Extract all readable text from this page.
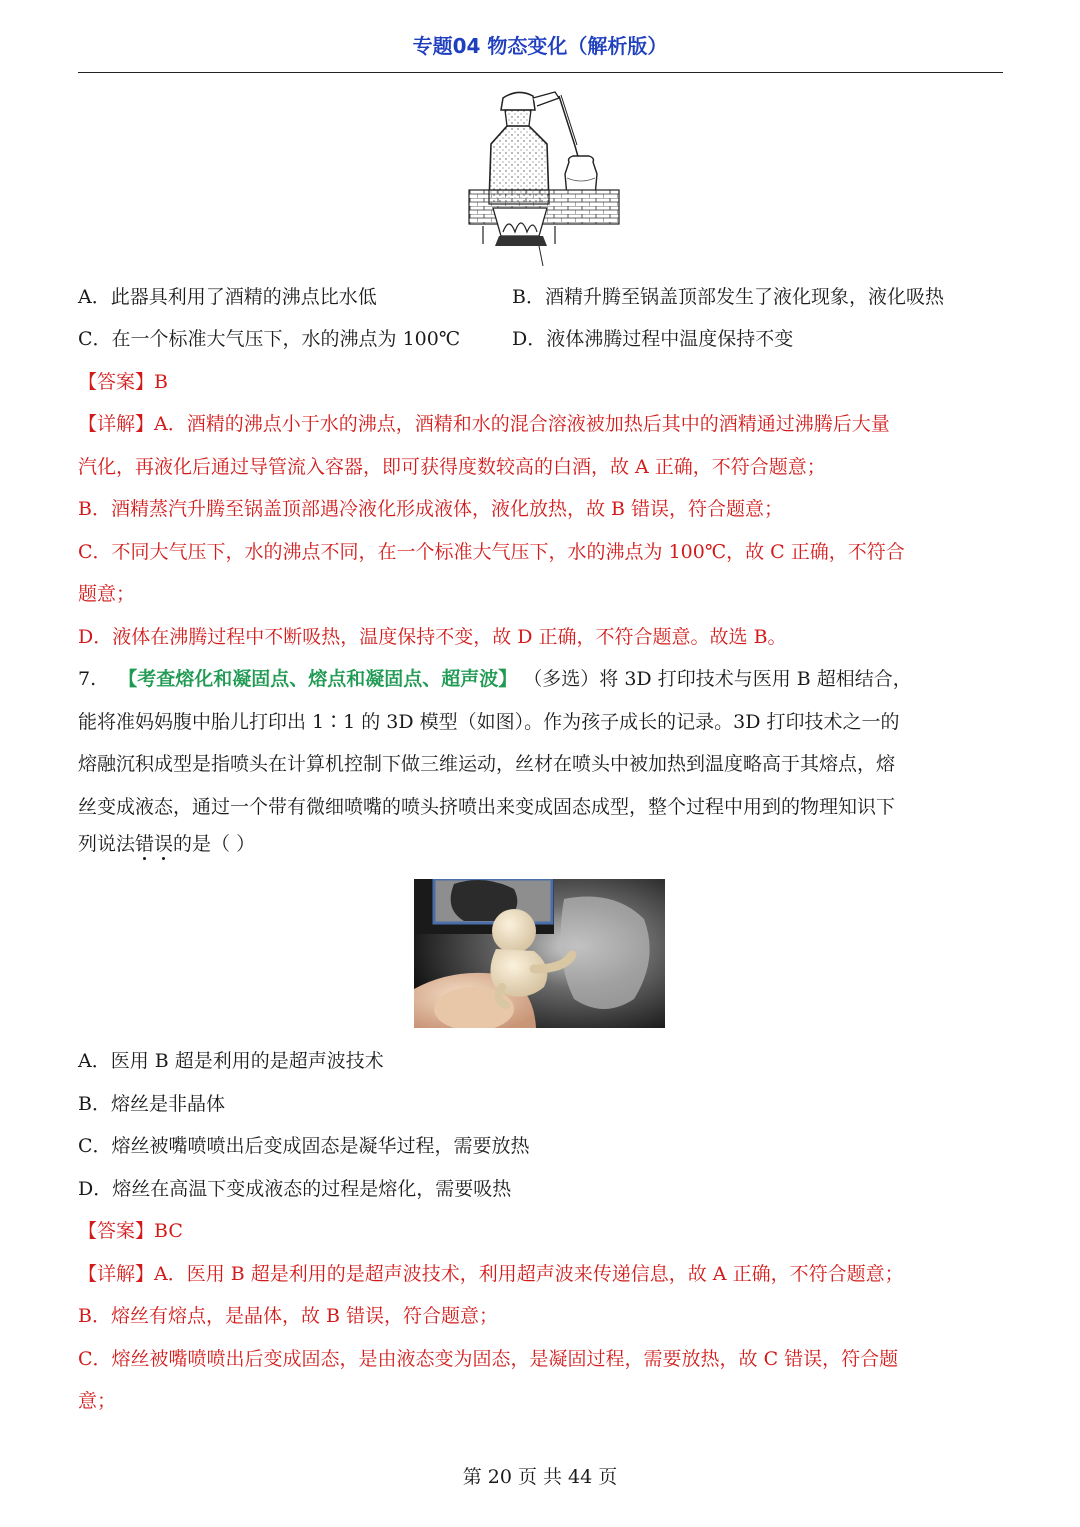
专题04 物态变化（解析版）
A．此器具利用了酒精的沸点比水低	B．酒精升腾至锅盖顶部发生了液化现象，液化吸热
C．在一个标准大气压下，水的沸点为 100℃	D．液体沸腾过程中温度保持不变
【答案】B
【详解】A．酒精的沸点小于水的沸点，酒精和水的混合溶液被加热后其中的酒精通过沸腾后大量
汽化，再液化后通过导管流入容器，即可获得度数较高的白酒，故 A 正确，不符合题意；
B．酒精蒸汽升腾至锅盖顶部遇冷液化形成液体，液化放热，故 B 错误，符合题意；
C．不同大气压下，水的沸点不同，在一个标准大气压下，水的沸点为 100℃，故 C 正确，不符合
题意；
D．液体在沸腾过程中不断吸热，温度保持不变，故 D 正确，不符合题意。故选 B。
7. 【考查熔化和凝固点、熔点和凝固点、超声波】 （多选）将 3D 打印技术与医用 B 超相结合，
能将准妈妈腹中胎儿打印出 1∶1 的 3D 模型（如图）。作为孩子成长的记录。3D 打印技术之一的
熔融沉积成型是指喷头在计算机控制下做三维运动，丝材在喷头中被加热到温度略高于其熔点，熔
丝变成液态，通过一个带有微细喷嘴的喷头挤喷出来变成固态成型，整个过程中用到的物理知识下
列说法错
误
的是（ ）
A．医用 B 超是利用的是超声波技术
B．熔丝是非晶体
C．熔丝被嘴喷喷出后变成固态是凝华过程，需要放热
D．熔丝在高温下变成液态的过程是熔化，需要吸热
【答案】BC
【详解】A．医用 B 超是利用的是超声波技术，利用超声波来传递信息，故 A 正确，不符合题意；
B．熔丝有熔点，是晶体，故 B 错误，符合题意；
C．熔丝被嘴喷喷出后变成固态，是由液态变为固态，是凝固过程，需要放热，故 C 错误，符合题
意；
第 20 页 共 44 页
